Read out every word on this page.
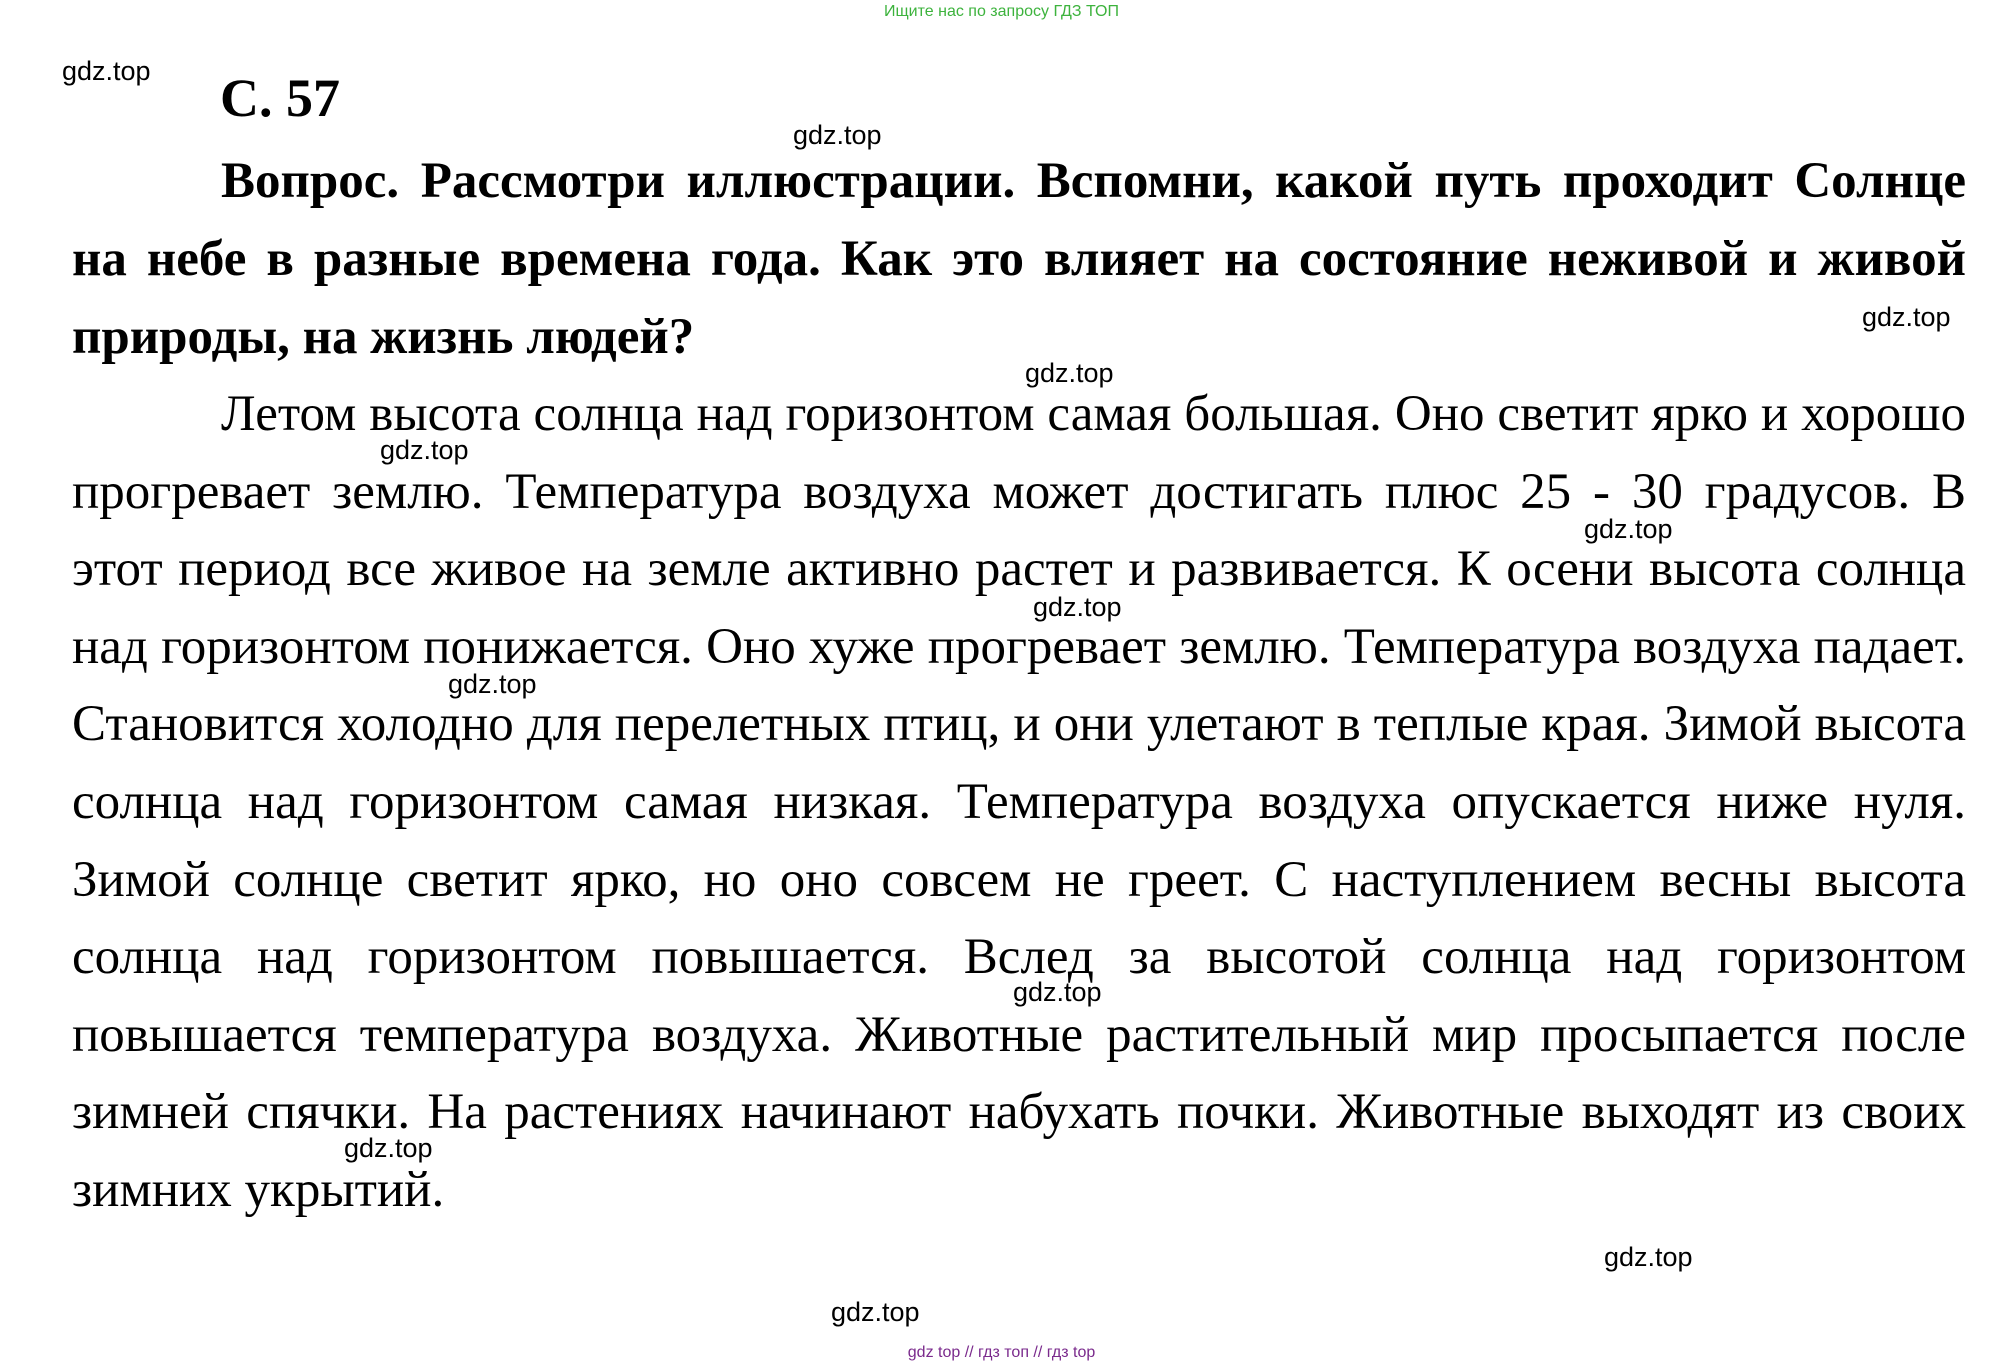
Ищите нас по запросу ГДЗ ТОП
С. 57

Вопрос. Рассмотри иллюстрации. Вспомни, какой путь проходит Солнце на небе в разные времена года. Как это влияет на состояние неживой и живой природы, на жизнь людей?

Летом высота солнца над горизонтом самая большая. Оно светит ярко и хорошо прогревает землю. Температура воздуха может достигать плюс 25 - 30 градусов. В этот период все живое на земле активно растет и развивается. К осени высота солнца над горизонтом понижается. Оно хуже прогревает землю. Температура воздуха падает. Становится холодно для перелетных птиц, и они улетают в теплые края. Зимой высота солнца над горизонтом самая низкая. Температура воздуха опускается ниже нуля. Зимой солнце светит ярко, но оно совсем не греет. С наступлением весны высота солнца над горизонтом повышается. Вслед за высотой солнца над горизонтом повышается температура воздуха. Животные растительный мир просыпается после зимней спячки. На растениях начинают набухать почки. Животные выходят из своих зимних укрытий.

gdz.top
gdz.top
gdz.top
gdz.top
gdz.top
gdz.top
gdz.top
gdz.top
gdz.top
gdz.top
gdz.top
gdz.top
gdz top // гдз топ // гдз top
